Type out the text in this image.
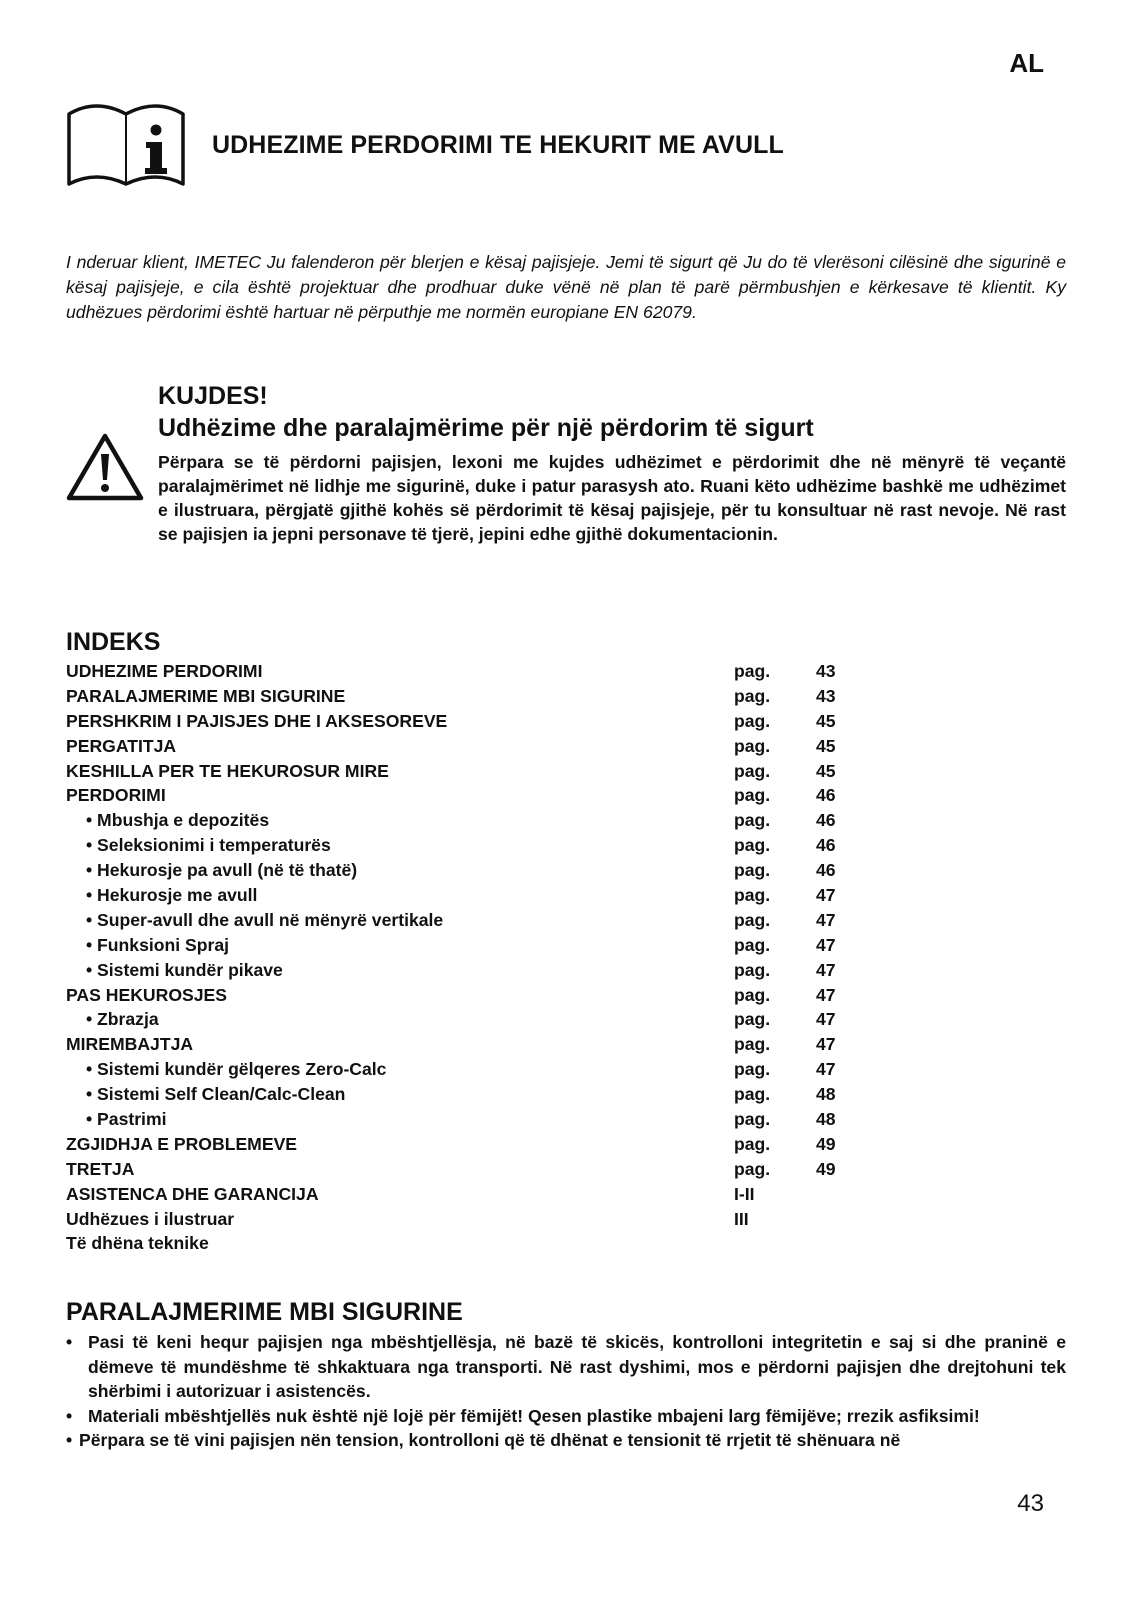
AL
UDHEZIME PERDORIMI TE HEKURIT ME AVULL
I nderuar klient, IMETEC Ju falenderon për blerjen e kësaj pajisjeje. Jemi të sigurt që Ju do të vlerësoni cilësinë dhe sigurinë e kësaj pajisjeje, e cila është projektuar dhe prodhuar duke vënë në plan të parë përmbushjen e kërkesave të klientit. Ky udhëzues përdorimi është hartuar në përputhje me normën europiane EN 62079.
KUJDES!
Udhëzime dhe paralajmërime për një përdorim të sigurt
Përpara se të përdorni pajisjen, lexoni me kujdes udhëzimet e përdorimit dhe në mënyrë të veçantë paralajmërimet në lidhje me sigurinë, duke i patur parasysh ato. Ruani këto udhëzime bashkë me udhëzimet e ilustruara, përgjatë gjithë kohës së përdorimit të kësaj pajisjeje, për tu konsultuar në rast nevoje. Në rast se pajisjen ia jepni personave të tjerë, jepini edhe gjithë dokumentacionin.
INDEKS
UDHEZIME PERDORIMI	pag.	43
PARALAJMERIME MBI SIGURINE	pag.	43
PERSHKRIM I PAJISJES DHE I AKSESOREVE	pag.	45
PERGATITJA	pag.	45
KESHILLA PER TE HEKUROSUR MIRE	pag.	45
PERDORIMI	pag.	46
• Mbushja e depozitës	pag.	46
• Seleksionimi i temperaturës	pag.	46
• Hekurosje pa avull (në të thatë)	pag.	46
• Hekurosje me avull	pag.	47
• Super-avull dhe avull në mënyrë vertikale	pag.	47
• Funksioni Spraj	pag.	47
• Sistemi kundër pikave	pag.	47
PAS HEKUROSJES	pag.	47
• Zbrazja	pag.	47
MIREMBAJTJA	pag.	47
• Sistemi kundër gëlqeres Zero-Calc	pag.	47
• Sistemi Self Clean/Calc-Clean	pag.	48
• Pastrimi	pag.	48
ZGJIDHJA E PROBLEMEVE	pag.	49
TRETJA	pag.	49
ASISTENCA DHE GARANCIJA	I-II
Udhëzues i ilustruar	III
Të dhëna teknike
PARALAJMERIME MBI SIGURINE
• Pasi të keni hequr pajisjen nga mbështjellësja, në bazë të skicës, kontrolloni integritetin e saj si dhe praninë e dëmeve të mundëshme të shkaktuara nga transporti. Në rast dyshimi, mos e përdorni pajisjen dhe drejtohuni tek shërbimi i autorizuar i asistencës.
• Materiali mbështjellës nuk është një lojë për fëmijët! Qesen plastike mbajeni larg fëmijëve; rrezik asfiksimi!
• Përpara se të vini pajisjen nën tension, kontrolloni që të dhënat e tensionit të rrjetit të shënuara në
43
